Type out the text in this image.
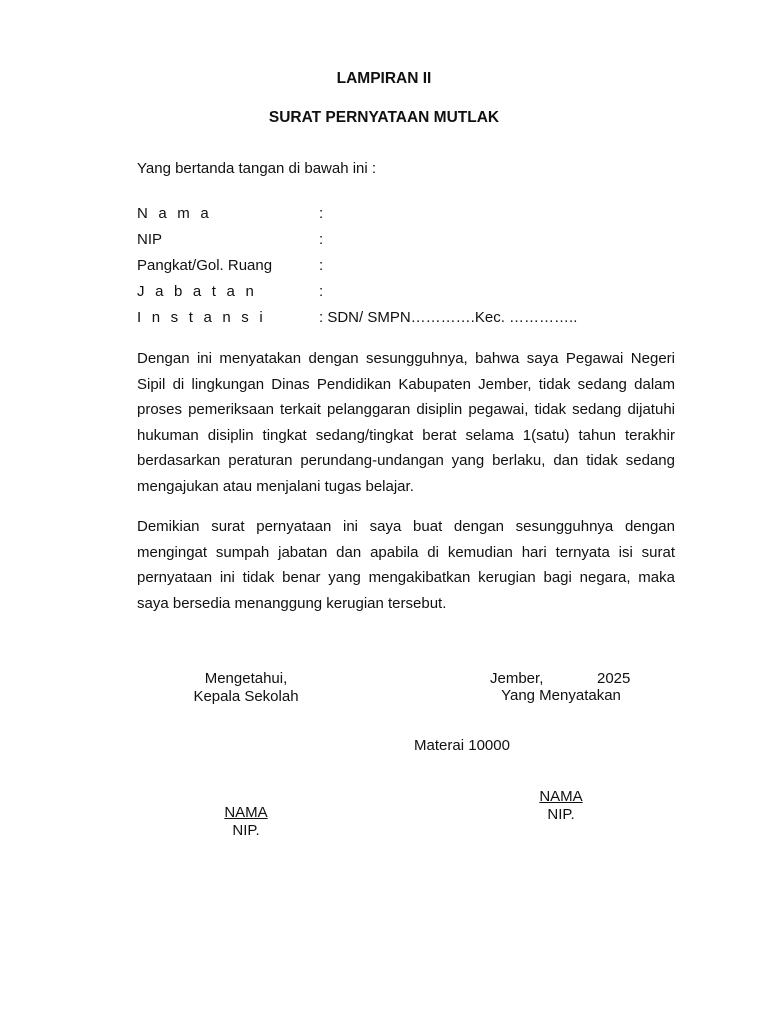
LAMPIRAN II
SURAT PERNYATAAN MUTLAK
Yang bertanda tangan di bawah ini :
N a m a	:
NIP	:
Pangkat/Gol. Ruang	:
J a b a t a n	:
I n s t a n s i	: SDN/ SMPN………….Kec. …………..

Dengan ini menyatakan dengan sesungguhnya, bahwa saya Pegawai Negeri Sipil di lingkungan Dinas Pendidikan Kabupaten Jember, tidak sedang dalam proses pemeriksaan terkait pelanggaran disiplin pegawai, tidak sedang dijatuhi hukuman disiplin tingkat sedang/tingkat berat selama 1(satu) tahun terakhir berdasarkan peraturan perundang-undangan yang berlaku, dan tidak sedang mengajukan atau menjalani tugas belajar.

Demikian surat pernyataan ini saya buat dengan sesungguhnya dengan mengingat sumpah jabatan dan apabila di kemudian hari ternyata isi surat pernyataan ini tidak benar yang mengakibatkan kerugian bagi negara, maka saya bersedia menanggung kerugian tersebut.

Mengetahui,
Kepala Sekolah
NAMA
NIP.
Jember,	2025
Yang Menyatakan
Materai 10000
NAMA
NIP.
